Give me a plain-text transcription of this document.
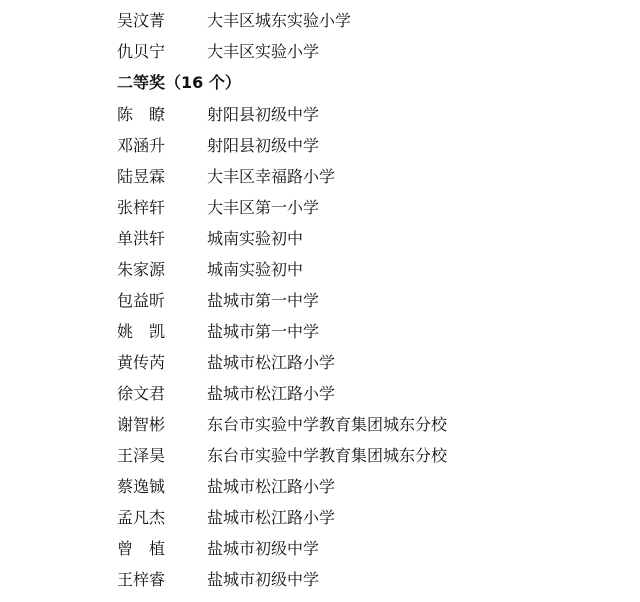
吴汶菁	大丰区城东实验小学
仇贝宁	大丰区实验小学
二等奖（16 个）
陈　瞭	射阳县初级中学
邓涵升	射阳县初级中学
陆昱霖	大丰区幸福路小学
张梓轩	大丰区第一小学
单洪轩	城南实验初中
朱家源	城南实验初中
包益昕	盐城市第一中学
姚　凯	盐城市第一中学
黄传芮	盐城市松江路小学
徐文君	盐城市松江路小学
谢智彬	东台市实验中学教育集团城东分校
王泽昊	东台市实验中学教育集团城东分校
蔡逸铖	盐城市松江路小学
孟凡杰	盐城市松江路小学
曾　植	盐城市初级中学
王梓睿	盐城市初级中学
